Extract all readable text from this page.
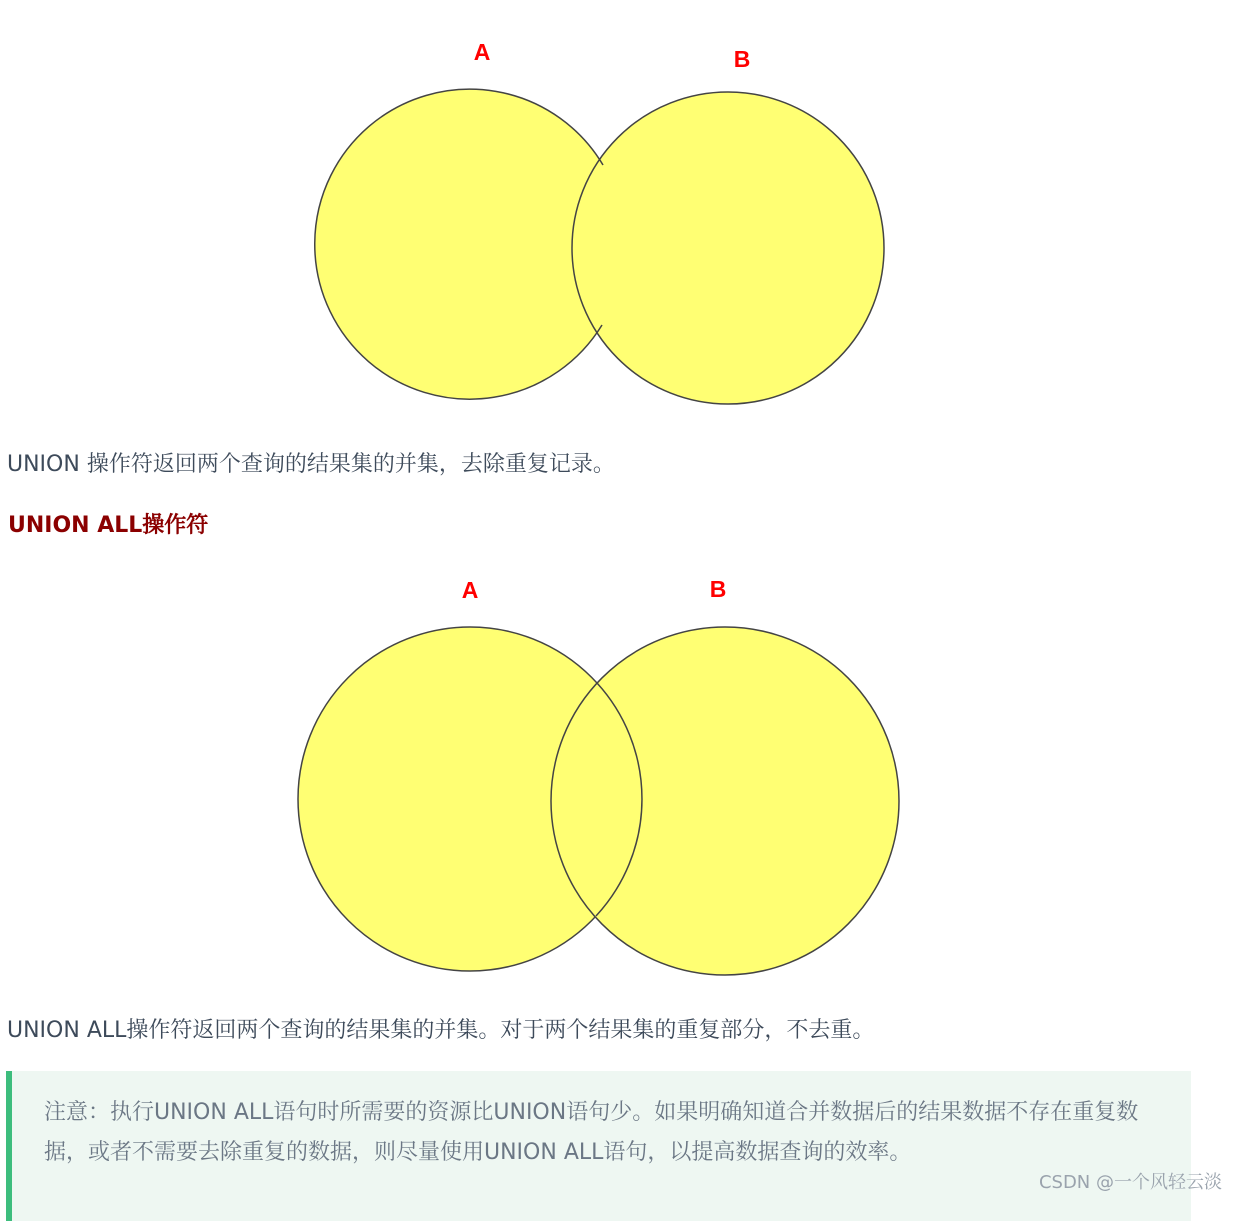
A	B
UNION 操作符返回两个查询的结果集的并集，去除重复记录。
UNION ALL操作符
A	B
UNION ALL操作符返回两个查询的结果集的并集。对于两个结果集的重复部分，不去重。
注意：执行UNION ALL语句时所需要的资源比UNION语句少。如果明确知道合并数据后的结果数据不存在重复数据，或者不需要去除重复的数据，则尽量使用UNION ALL语句，以提高数据查询的效率。
CSDN @一个风轻云淡
